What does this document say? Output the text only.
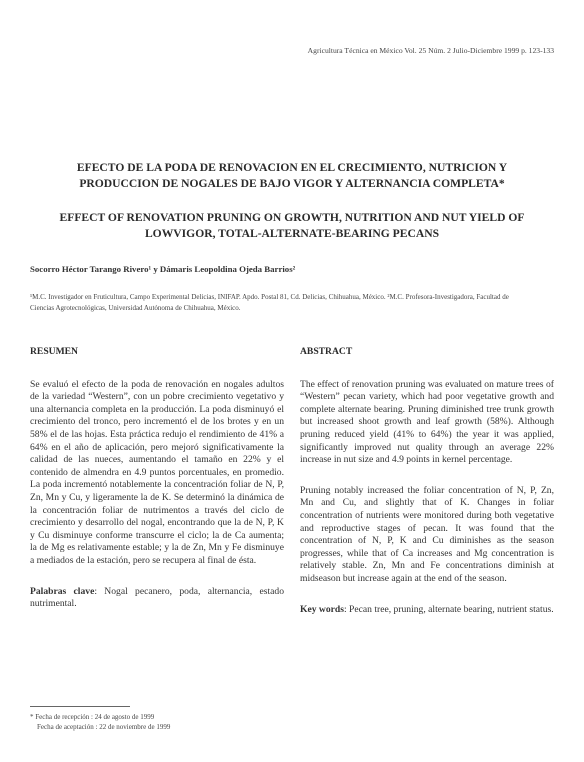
Agricultura Técnica en México Vol. 25 Núm. 2 Julio-Diciembre 1999 p. 123-133
EFECTO DE LA PODA DE RENOVACION EN EL CRECIMIENTO, NUTRICION Y
PRODUCCION DE NOGALES DE BAJO VIGOR Y ALTERNANCIA COMPLETA*
EFFECT OF RENOVATION PRUNING ON GROWTH, NUTRITION AND NUT YIELD OF
LOWVIGOR, TOTAL-ALTERNATE-BEARING PECANS
Socorro Héctor Tarango Rivero¹ y Dámaris Leopoldina Ojeda Barrios²
¹M.C. Investigador en Fruticultura, Campo Experimental Delicias, INIFAP. Apdo. Postal 81, Cd. Delicias, Chihuahua, México. ²M.C. Profesora-Investigadora, Facultad de
Ciencias Agrotecnológicas, Universidad Autónoma de Chihuahua, México.
RESUMEN

Se evaluó el efecto de la poda de renovación en nogales adultos de la variedad “Western”, con un pobre crecimiento vegetativo y una alternancia completa en la producción. La poda disminuyó el crecimiento del tronco, pero incrementó el de los brotes y en un 58% el de las hojas. Esta práctica redujo el rendimiento de 41% a 64% en el año de aplicación, pero mejoró significativamente la calidad de las nueces, aumentando el tamaño en 22% y el contenido de almendra en 4.9 puntos porcentuales, en promedio. La poda incrementó notablemente la concentración foliar de N, P, Zn, Mn y Cu, y ligeramente la de K. Se determinó la dinámica de la concentración foliar de nutrimentos a través del ciclo de crecimiento y desarrollo del nogal, encontrando que la de N, P, K y Cu disminuye conforme transcurre el ciclo; la de Ca aumenta; la de Mg es relativamente estable; y la de Zn, Mn y Fe disminuye a mediados de la estación, pero se recupera al final de ésta.

Palabras clave: Nogal pecanero, poda, alternancia, estado nutrimental.

ABSTRACT

The effect of renovation pruning was evaluated on mature trees of “Western” pecan variety, which had poor vegetative growth and complete alternate bearing. Pruning diminished tree trunk growth but increased shoot growth and leaf growth (58%). Although pruning reduced yield (41% to 64%) the year it was applied, significantly improved nut quality through an average 22% increase in nut size and 4.9 points in kernel percentage.

Pruning notably increased the foliar concentration of N, P, Zn, Mn and Cu, and slightly that of K. Changes in foliar concentration of nutrients were monitored during both vegetative and reproductive stages of pecan. It was found that the concentration of N, P, K and Cu diminishes as the season progresses, while that of Ca increases and Mg concentration is relatively stable. Zn, Mn and Fe concentrations diminish at midseason but increase again at the end of the season.

Key words: Pecan tree, pruning, alternate bearing, nutrient status.

* Fecha de recepción : 24 de agosto de 1999
Fecha de aceptación : 22 de noviembre de 1999
